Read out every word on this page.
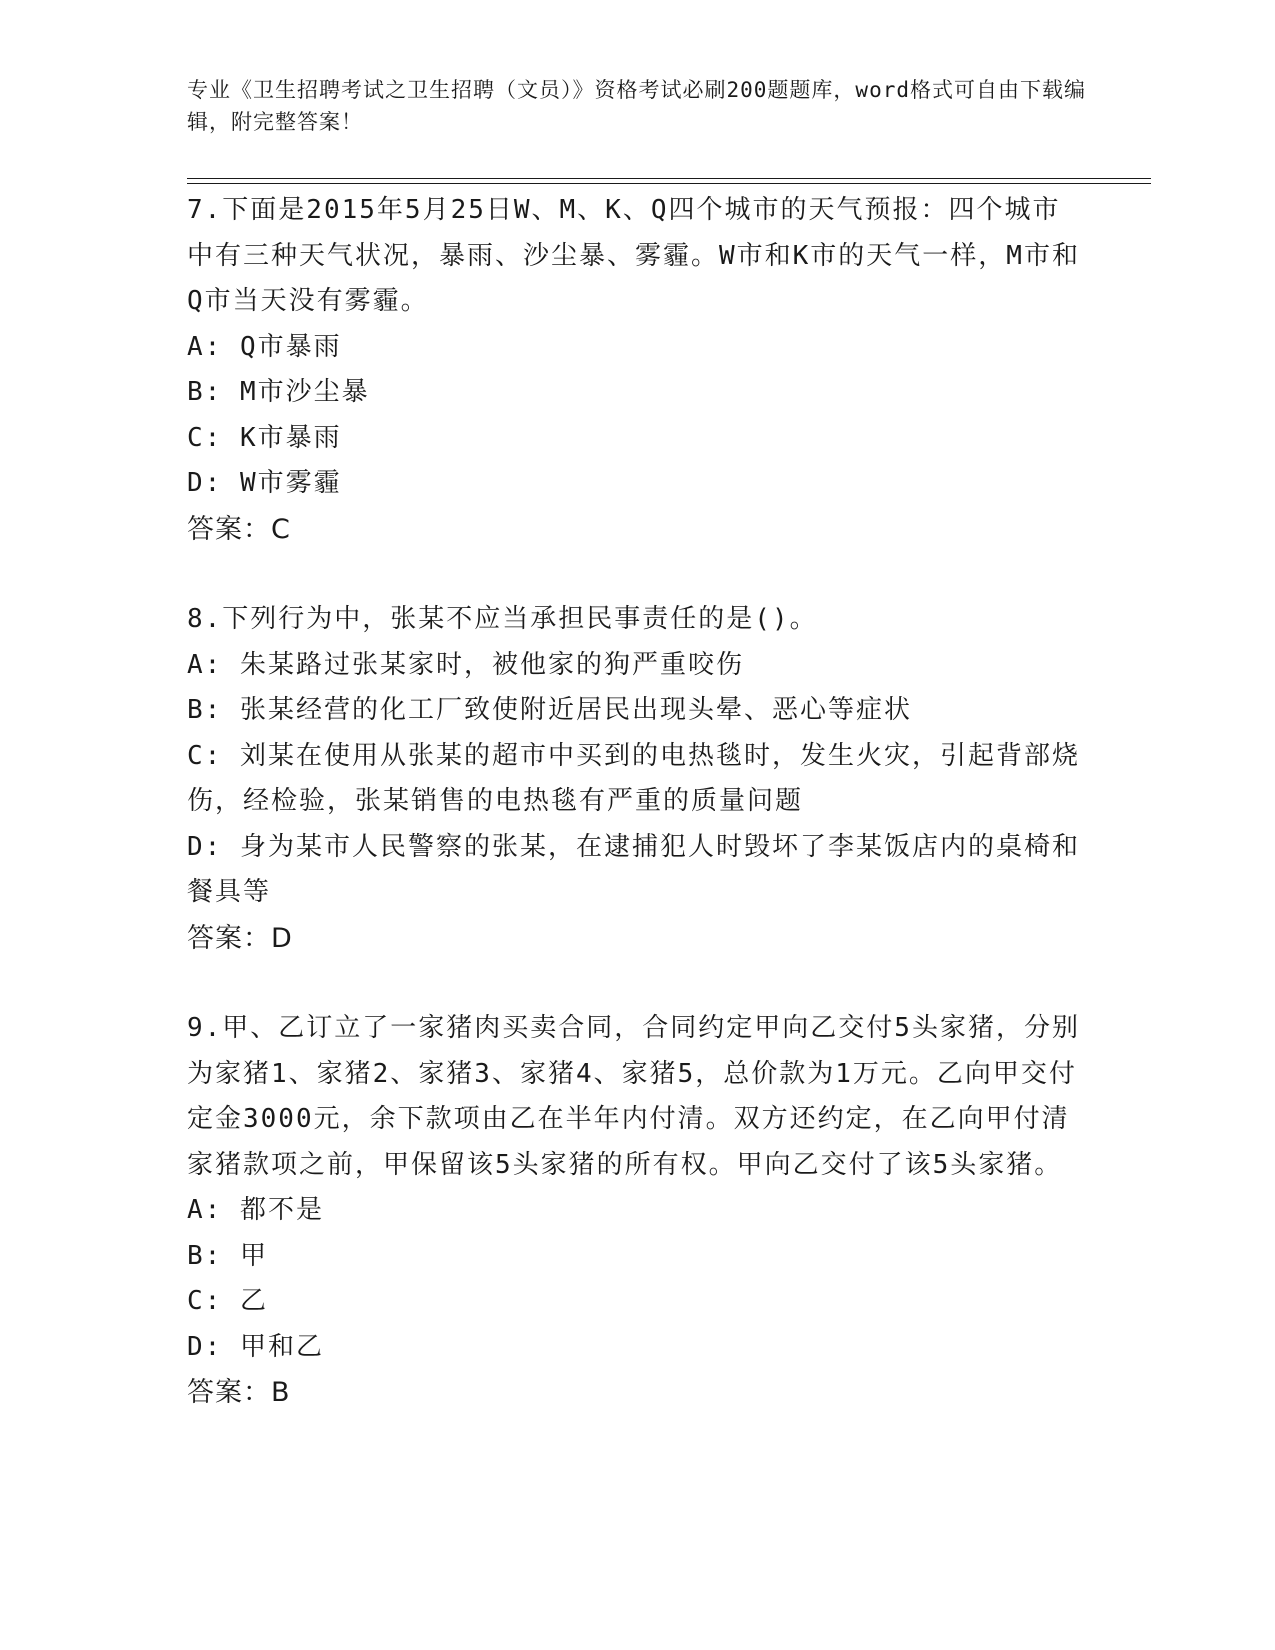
专业《卫生招聘考试之卫生招聘（文员）》资格考试必刷200题题库，word格式可自由下载编辑，附完整答案！

7.下面是2015年5月25日W、M、K、Q四个城市的天气预报：四个城市中有三种天气状况，暴雨、沙尘暴、雾霾。W市和K市的天气一样，M市和Q市当天没有雾霾。

A: Q市暴雨

B: M市沙尘暴

C: K市暴雨

D: W市雾霾

答案：C

8.下列行为中，张某不应当承担民事责任的是()。

A: 朱某路过张某家时，被他家的狗严重咬伤

B: 张某经营的化工厂致使附近居民出现头晕、恶心等症状

C: 刘某在使用从张某的超市中买到的电热毯时，发生火灾，引起背部烧伤，经检验，张某销售的电热毯有严重的质量问题

D: 身为某市人民警察的张某，在逮捕犯人时毁坏了李某饭店内的桌椅和餐具等

答案：D

9.甲、乙订立了一家猪肉买卖合同，合同约定甲向乙交付5头家猪，分别为家猪1、家猪2、家猪3、家猪4、家猪5，总价款为1万元。乙向甲交付定金3000元，余下款项由乙在半年内付清。双方还约定，在乙向甲付清家猪款项之前，甲保留该5头家猪的所有权。甲向乙交付了该5头家猪。

A: 都不是

B: 甲

C: 乙

D: 甲和乙

答案：B
